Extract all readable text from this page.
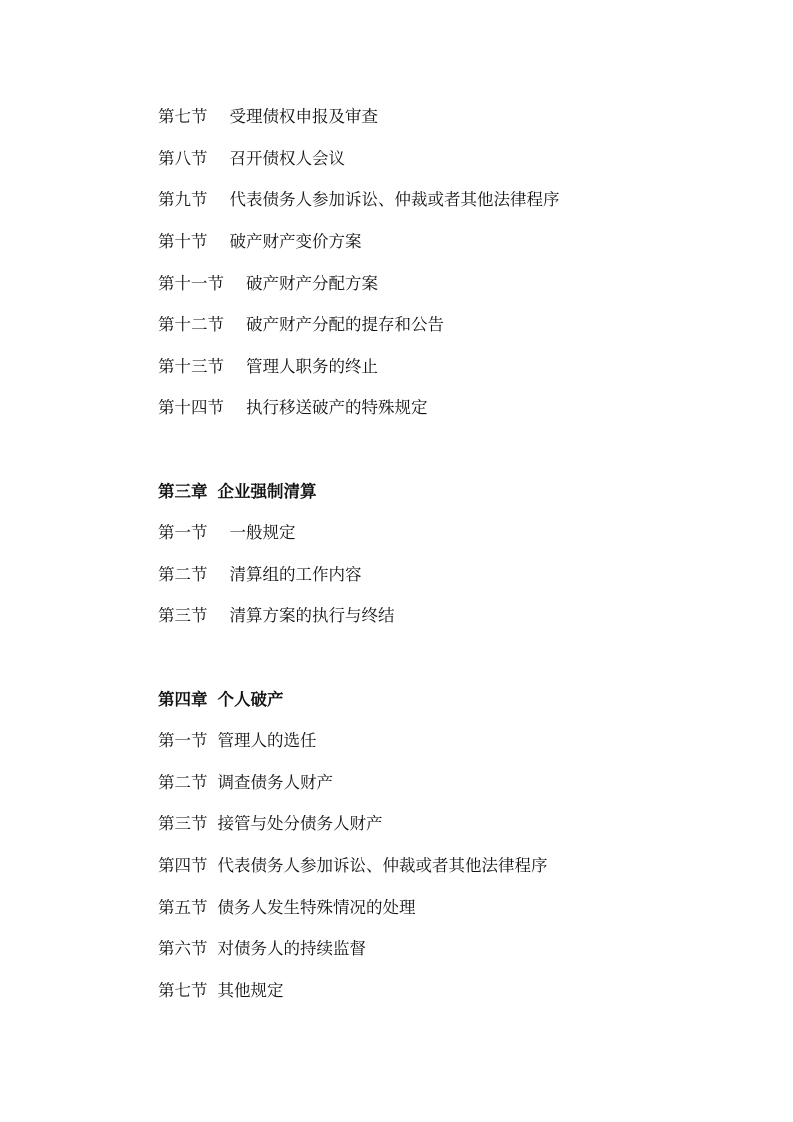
第七节 受理债权申报及审查
第八节 召开债权人会议
第九节 代表债务人参加诉讼、仲裁或者其他法律程序
第十节 破产财产变价方案
第十一节 破产财产分配方案
第十二节 破产财产分配的提存和公告
第十三节 管理人职务的终止
第十四节 执行移送破产的特殊规定
第三章 企业强制清算
第一节 一般规定
第二节 清算组的工作内容
第三节 清算方案的执行与终结
第四章 个人破产
第一节 管理人的选任
第二节 调查债务人财产
第三节 接管与处分债务人财产
第四节 代表债务人参加诉讼、仲裁或者其他法律程序
第五节 债务人发生特殊情况的处理
第六节 对债务人的持续监督
第七节 其他规定
